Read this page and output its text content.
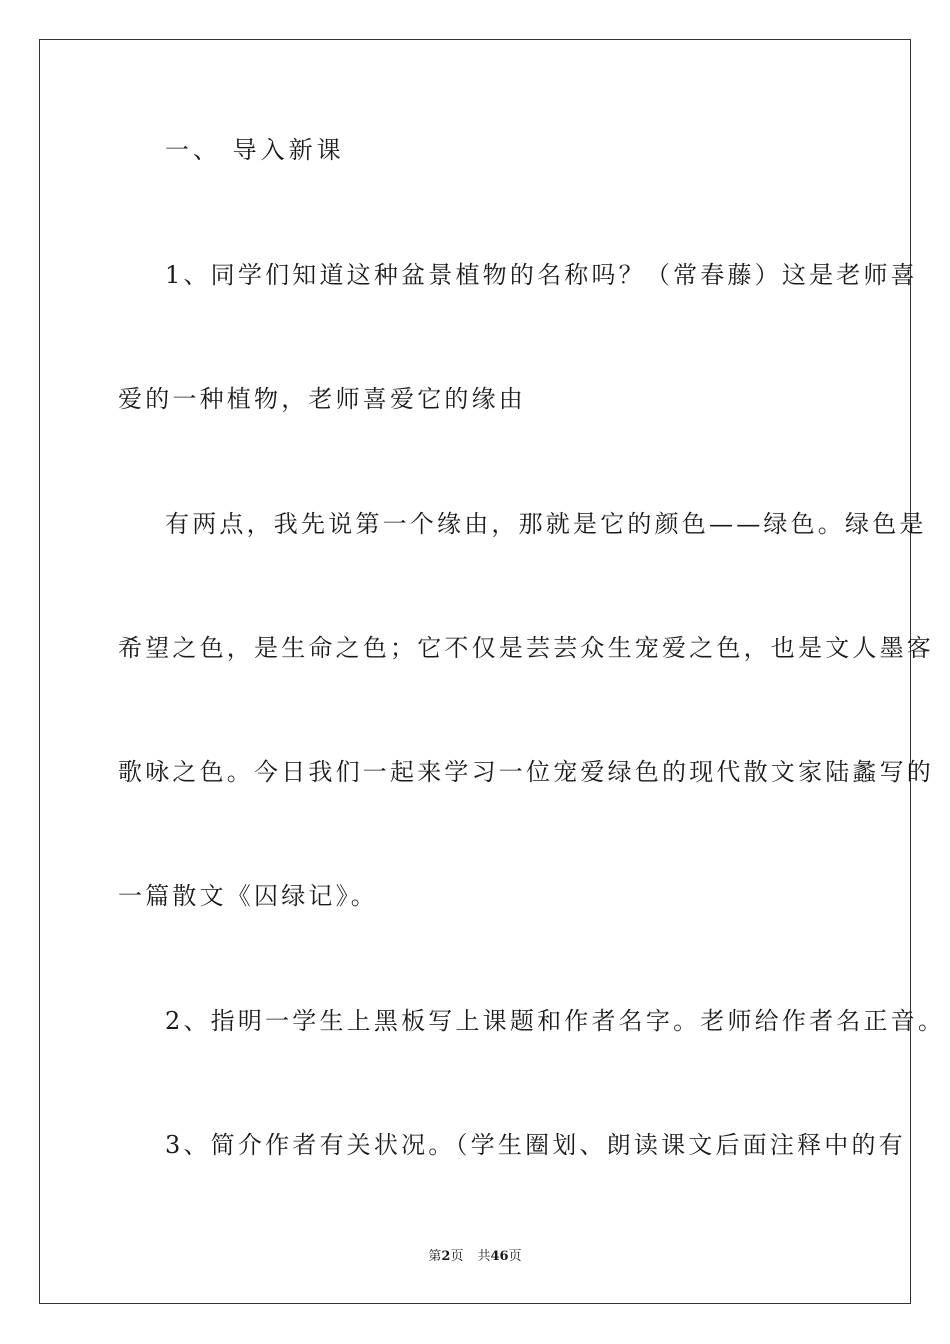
一、 导入新课
1、同学们知道这种盆景植物的名称吗？（常春藤）这是老师喜
爱的一种植物，老师喜爱它的缘由
有两点，我先说第一个缘由，那就是它的颜色——绿色。绿色是
希望之色，是生命之色；它不仅是芸芸众生宠爱之色，也是文人墨客
歌咏之色。今日我们一起来学习一位宠爱绿色的现代散文家陆蠡写的
一篇散文《囚绿记》。
2、指明一学生上黑板写上课题和作者名字。老师给作者名正音。
3、简介作者有关状况。（学生圈划、朗读课文后面注释中的有
第2页 共46页
